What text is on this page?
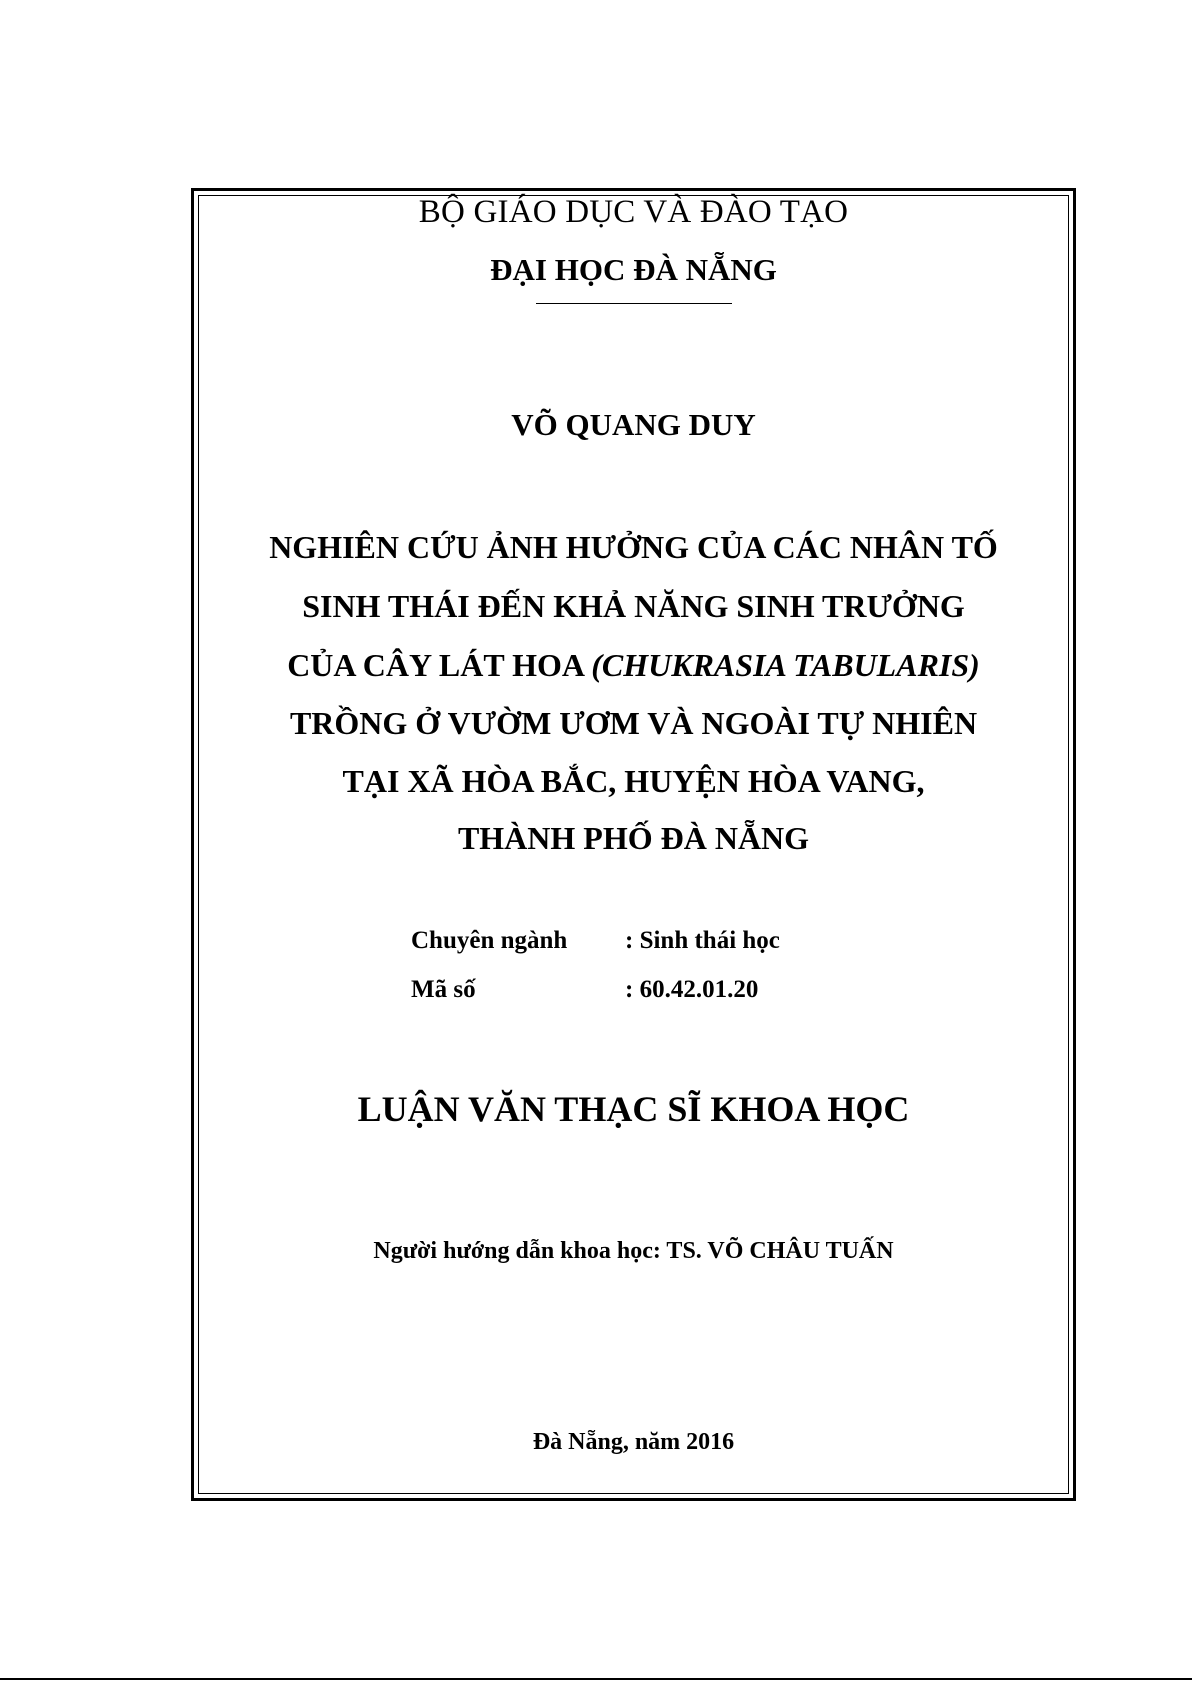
BỘ GIÁO DỤC VÀ ĐÀO TẠO
ĐẠI HỌC ĐÀ NẴNG
VÕ QUANG DUY
NGHIÊN CỨU ẢNH HƯỞNG CỦA CÁC NHÂN TỐ
SINH THÁI ĐẾN KHẢ NĂNG SINH TRƯỞNG
CỦA CÂY LÁT HOA (CHUKRASIA TABULARIS)
TRỒNG Ở VƯỜM ƯƠM VÀ NGOÀI TỰ NHIÊN
TẠI XÃ HÒA BẮC, HUYỆN HÒA VANG,
THÀNH PHỐ ĐÀ NẴNG
Chuyên ngành : Sinh thái học
Mã số	: 60.42.01.20
LUẬN VĂN THẠC SĨ KHOA HỌC
Người hướng dẫn khoa học: TS. VÕ CHÂU TUẤN
Đà Nẵng, năm 2016
